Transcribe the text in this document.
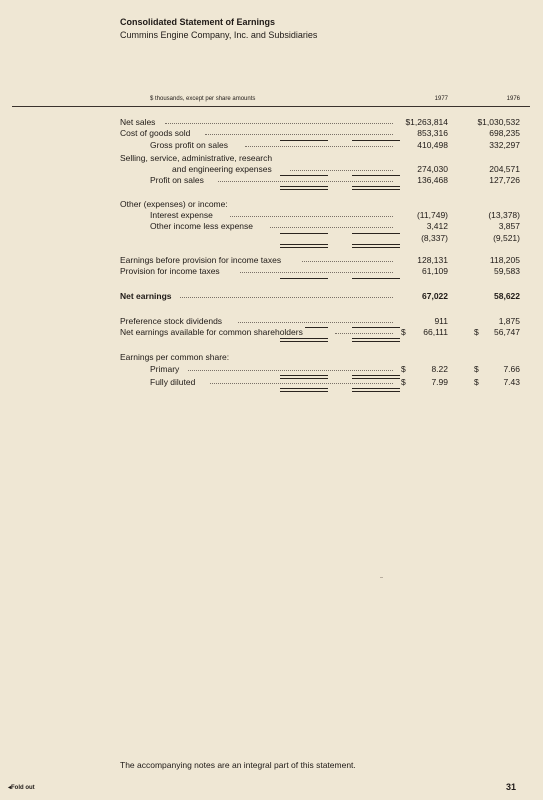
Consolidated Statement of Earnings
Cummins Engine Company, Inc. and Subsidiaries
$ thousands, except per share amounts	1977	1976
Net sales	$1,263,814	$1,030,532
Cost of goods sold	853,316	698,235
Gross profit on sales	410,498	332,297
Selling, service, administrative, research
and engineering expenses	274,030	204,571
Profit on sales	136,468	127,726
Other (expenses) or income:
Interest expense	(11,749)	(13,378)
Other income less expense	3,412	3,857
(8,337)	(9,521)
Earnings before provision for income taxes	128,131	118,205
Provision for income taxes	61,109	59,583
Net earnings	67,022	58,622
Preference stock dividends	911	1,875
Net earnings available for common shareholders	$	66,111	$	56,747
Earnings per common share:
Primary	$	8.22	$	7.66
Fully diluted	$	7.99	$	7.43
The accompanying notes are an integral part of this statement.
◂Fold out	31
